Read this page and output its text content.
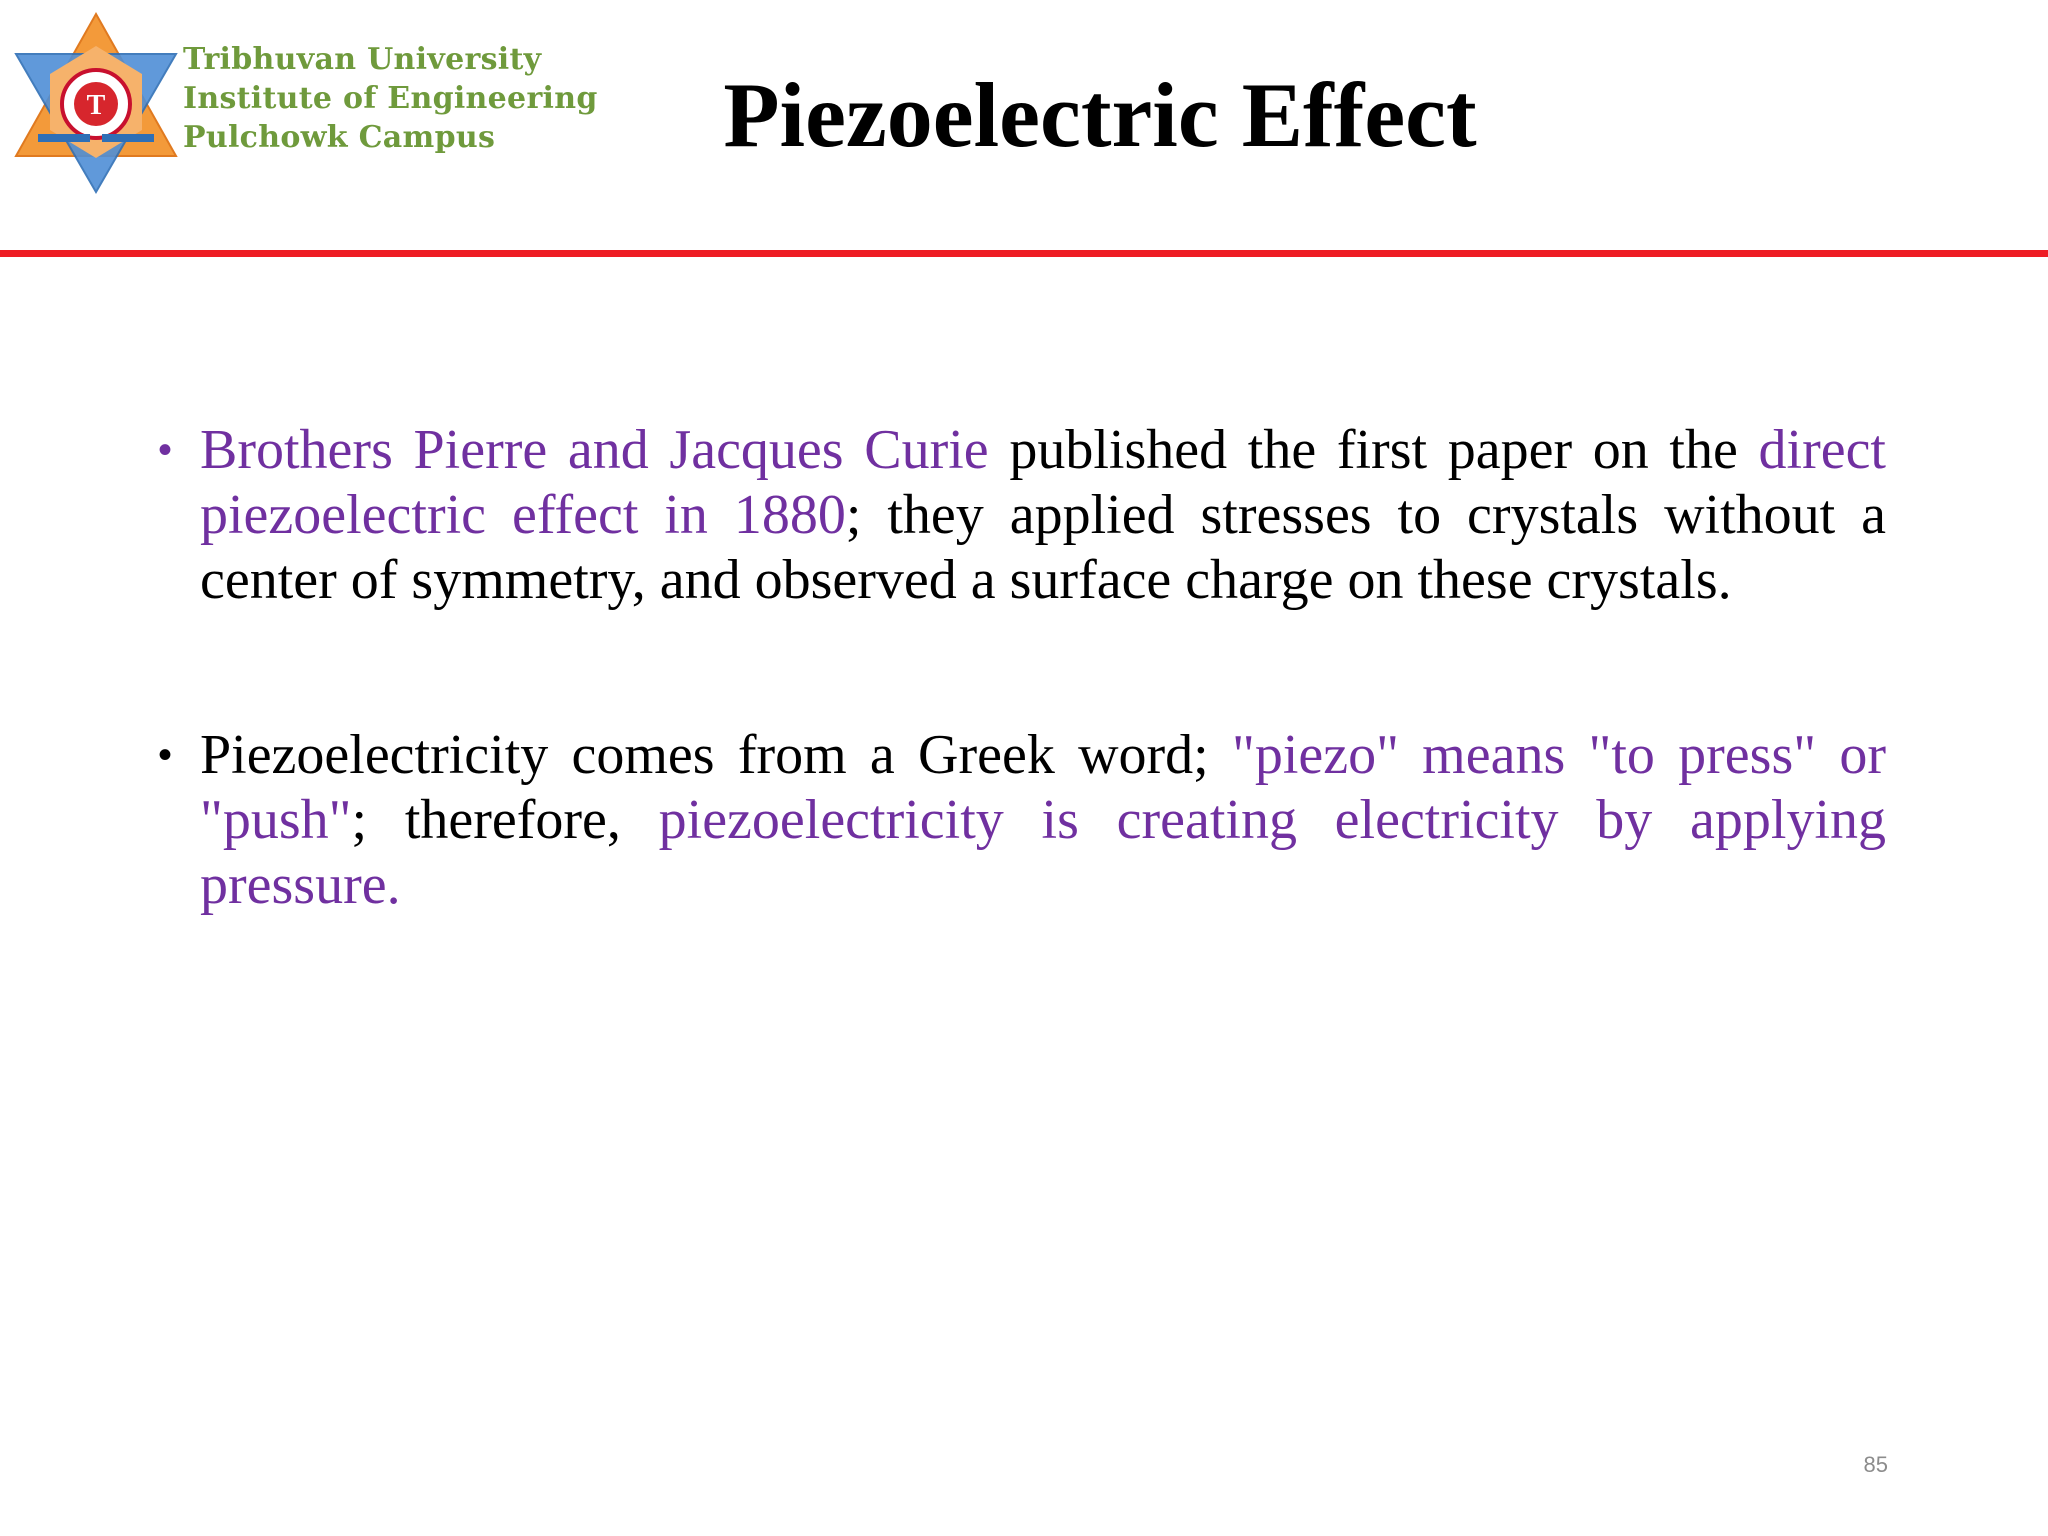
T
Tribhuvan University
Institute of Engineering
Pulchowk Campus	Piezoelectric Effect
• Brothers Pierre and Jacques Curie published the first paper on the direct piezoelectric effect in 1880; they applied stresses to crystals without a center of symmetry, and observed a surface charge on these crystals.
• Piezoelectricity comes from a Greek word; "piezo" means "to press" or "push"; therefore, piezoelectricity is creating electricity by applying pressure.
85
